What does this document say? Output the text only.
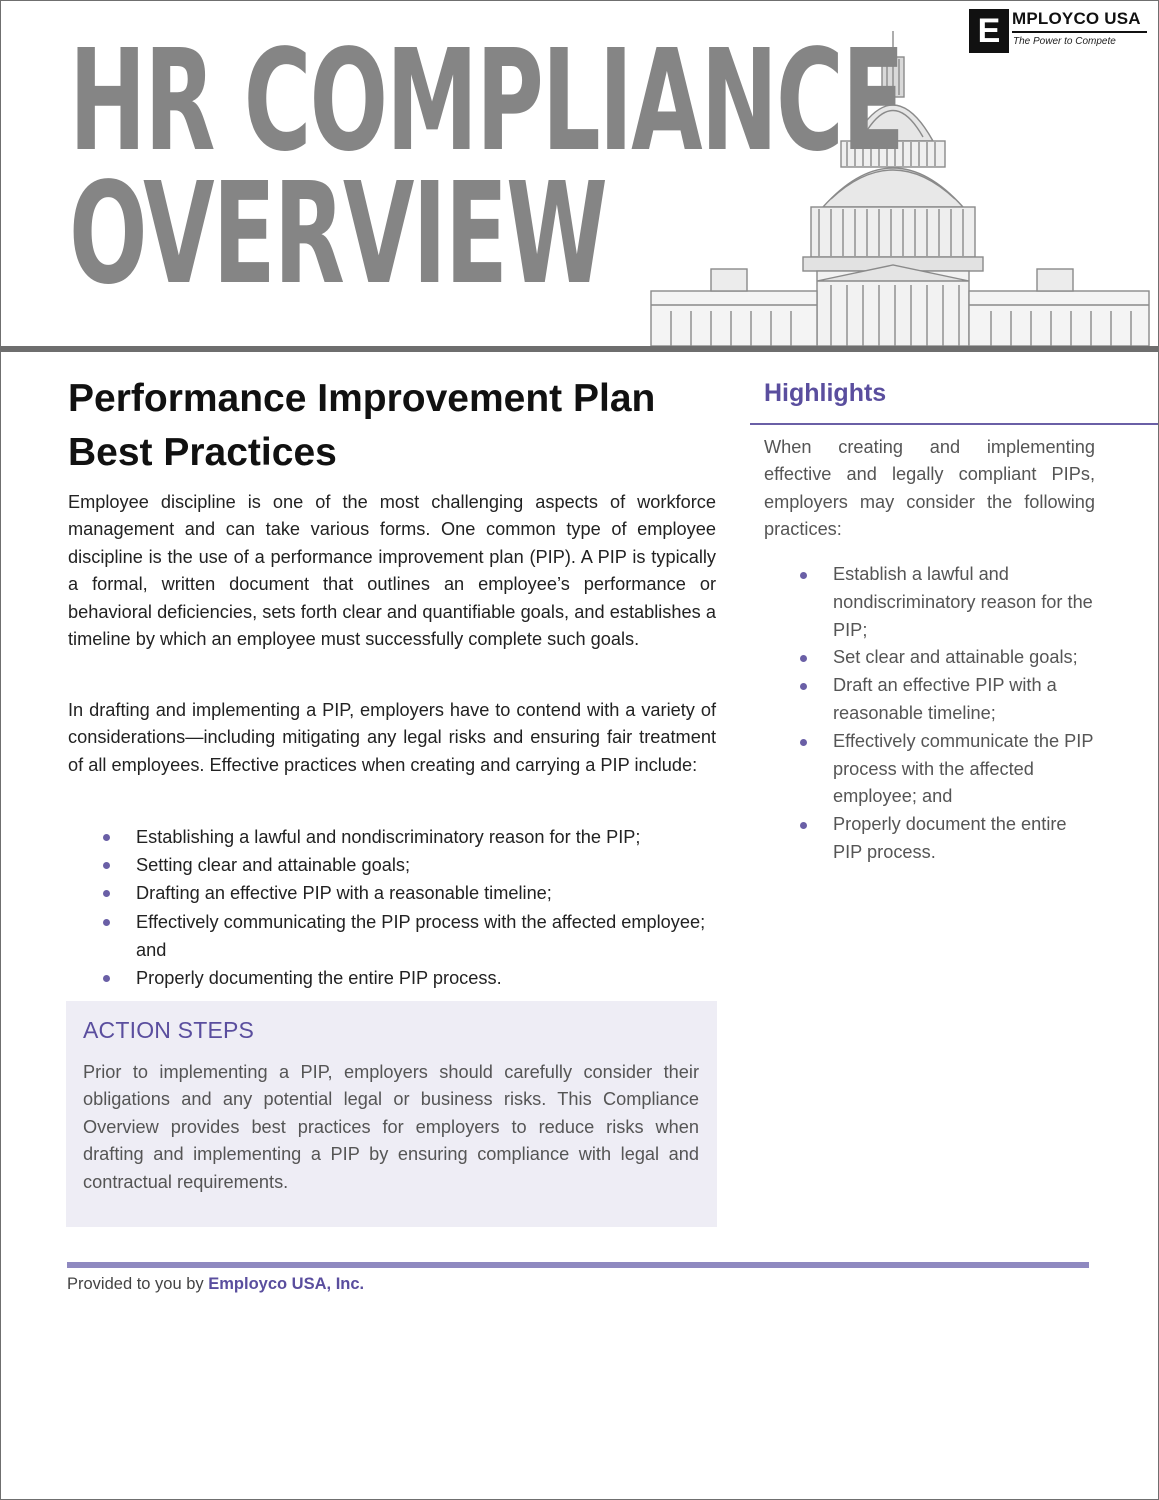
HR COMPLIANCE
OVERVIEW
E MPLOYCO USA
The Power to Compete
Performance Improvement Plan Best Practices

Employee discipline is one of the most challenging aspects of workforce management and can take various forms. One common type of employee discipline is the use of a performance improvement plan (PIP). A PIP is typically a formal, written document that outlines an employee’s performance or behavioral deficiencies, sets forth clear and quantifiable goals, and establishes a timeline by which an employee must successfully complete such goals.

In drafting and implementing a PIP, employers have to contend with a variety of considerations—including mitigating any legal risks and ensuring fair treatment of all employees. Effective practices when creating and carrying a PIP include:

Establishing a lawful and nondiscriminatory reason for the PIP;
Setting clear and attainable goals;
Drafting an effective PIP with a reasonable timeline;
Effectively communicating the PIP process with the affected employee; and
Properly documenting the entire PIP process.
ACTION STEPS

Prior to implementing a PIP, employers should carefully consider their obligations and any potential legal or business risks. This Compliance Overview provides best practices for employers to reduce risks when drafting and implementing a PIP by ensuring compliance with legal and contractual requirements.

Highlights

When creating and implementing effective and legally compliant PIPs, employers may consider the following practices:

Establish a lawful and nondiscriminatory reason for the PIP;
Set clear and attainable goals;
Draft an effective PIP with a reasonable timeline;
Effectively communicate the PIP process with the affected employee; and
Properly document the entire PIP process.

Provided to you by Employco USA, Inc.
